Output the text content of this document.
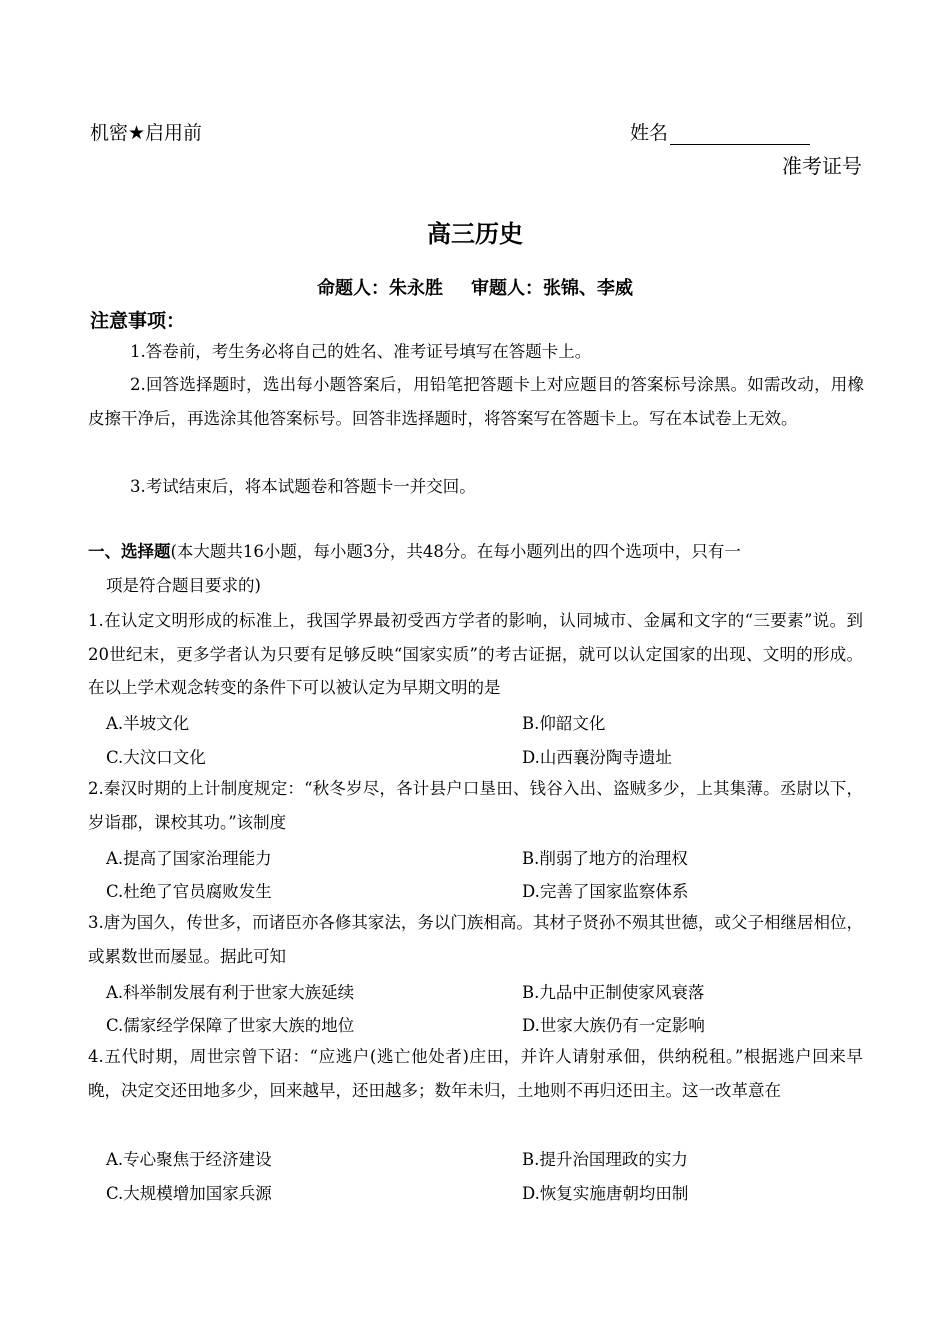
机密★启用前	姓名
准考证号
高三历史
命题人：朱永胜 审题人：张锦、李威
注意事项：
1.答卷前，考生务必将自己的姓名、准考证号填写在答题卡上。
2.回答选择题时，选出每小题答案后，用铅笔把答题卡上对应题目的答案标号涂黑。如需改动，用橡皮擦干净后，再选涂其他答案标号。回答非选择题时，将答案写在答题卡上。写在本试卷上无效。
3.考试结束后，将本试题卷和答题卡一并交回。
一、选择题(本大题共16小题，每小题3分，共48分。在每小题列出的四个选项中，只有一
项是符合题目要求的)
1.在认定文明形成的标准上，我国学界最初受西方学者的影响，认同城市、金属和文字的“三要素”说。到20世纪末，更多学者认为只要有足够反映“国家实质”的考古证据，就可以认定国家的出现、文明的形成。在以上学术观念转变的条件下可以被认定为早期文明的是
A.半坡文化	B.仰韶文化
C.大汶口文化	D.山西襄汾陶寺遗址
2.秦汉时期的上计制度规定：“秋冬岁尽，各计县户口垦田、钱谷入出、盗贼多少，上其集薄。丞尉以下，岁诣郡，课校其功。”该制度
A.提高了国家治理能力	B.削弱了地方的治理权
C.杜绝了官员腐败发生	D.完善了国家监察体系
3.唐为国久，传世多，而诸臣亦各修其家法，务以门族相高。其材子贤孙不殒其世德，或父子相继居相位，或累数世而屡显。据此可知
A.科举制发展有利于世家大族延续	B.九品中正制使家风衰落
C.儒家经学保障了世家大族的地位	D.世家大族仍有一定影响
4.五代时期，周世宗曾下诏：“应逃户(逃亡他处者)庄田，并许人请射承佃，供纳税租。”根据逃户回来早晚，决定交还田地多少，回来越早，还田越多；数年未归，土地则不再归还田主。这一改革意在
A.专心聚焦于经济建设	B.提升治国理政的实力
C.大规模增加国家兵源	D.恢复实施唐朝均田制
